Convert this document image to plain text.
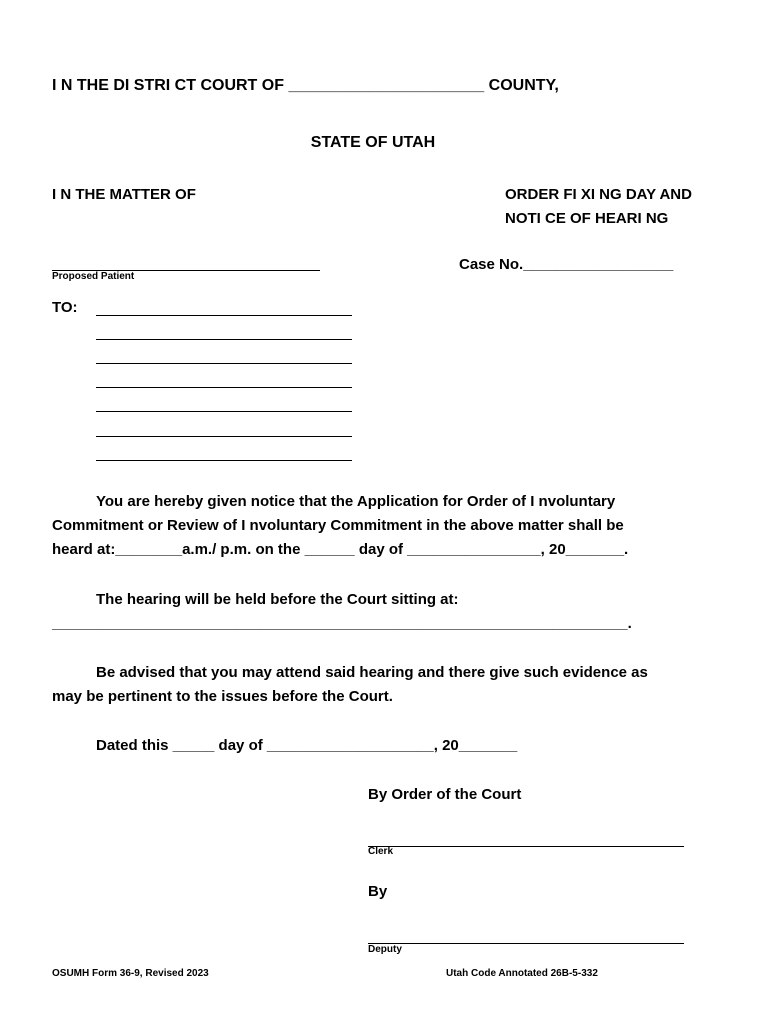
I N THE DI STRI CT COURT OF ______________________ COUNTY,
STATE OF UTAH
I N THE MATTER OF	ORDER FI XI NG DAY AND
NOTI CE OF HEARI NG
Case No.__________________
Proposed Patient
TO:
You are hereby given notice that the Application for Order of I nvoluntary
Commitment or Review of I nvoluntary Commitment in the above matter shall be
heard at:________a.m./ p.m. on the ______ day of ________________, 20_______.
The hearing will be held before the Court sitting at:
_____________________________________________________________________.
Be advised that you may attend said hearing and there give such evidence as
may be pertinent to the issues before the Court.
Dated this _____ day of ____________________, 20_______
By Order of the Court
Clerk
By
Deputy
OSUMH Form 36-9, Revised 2023	Utah Code Annotated 26B-5-332
